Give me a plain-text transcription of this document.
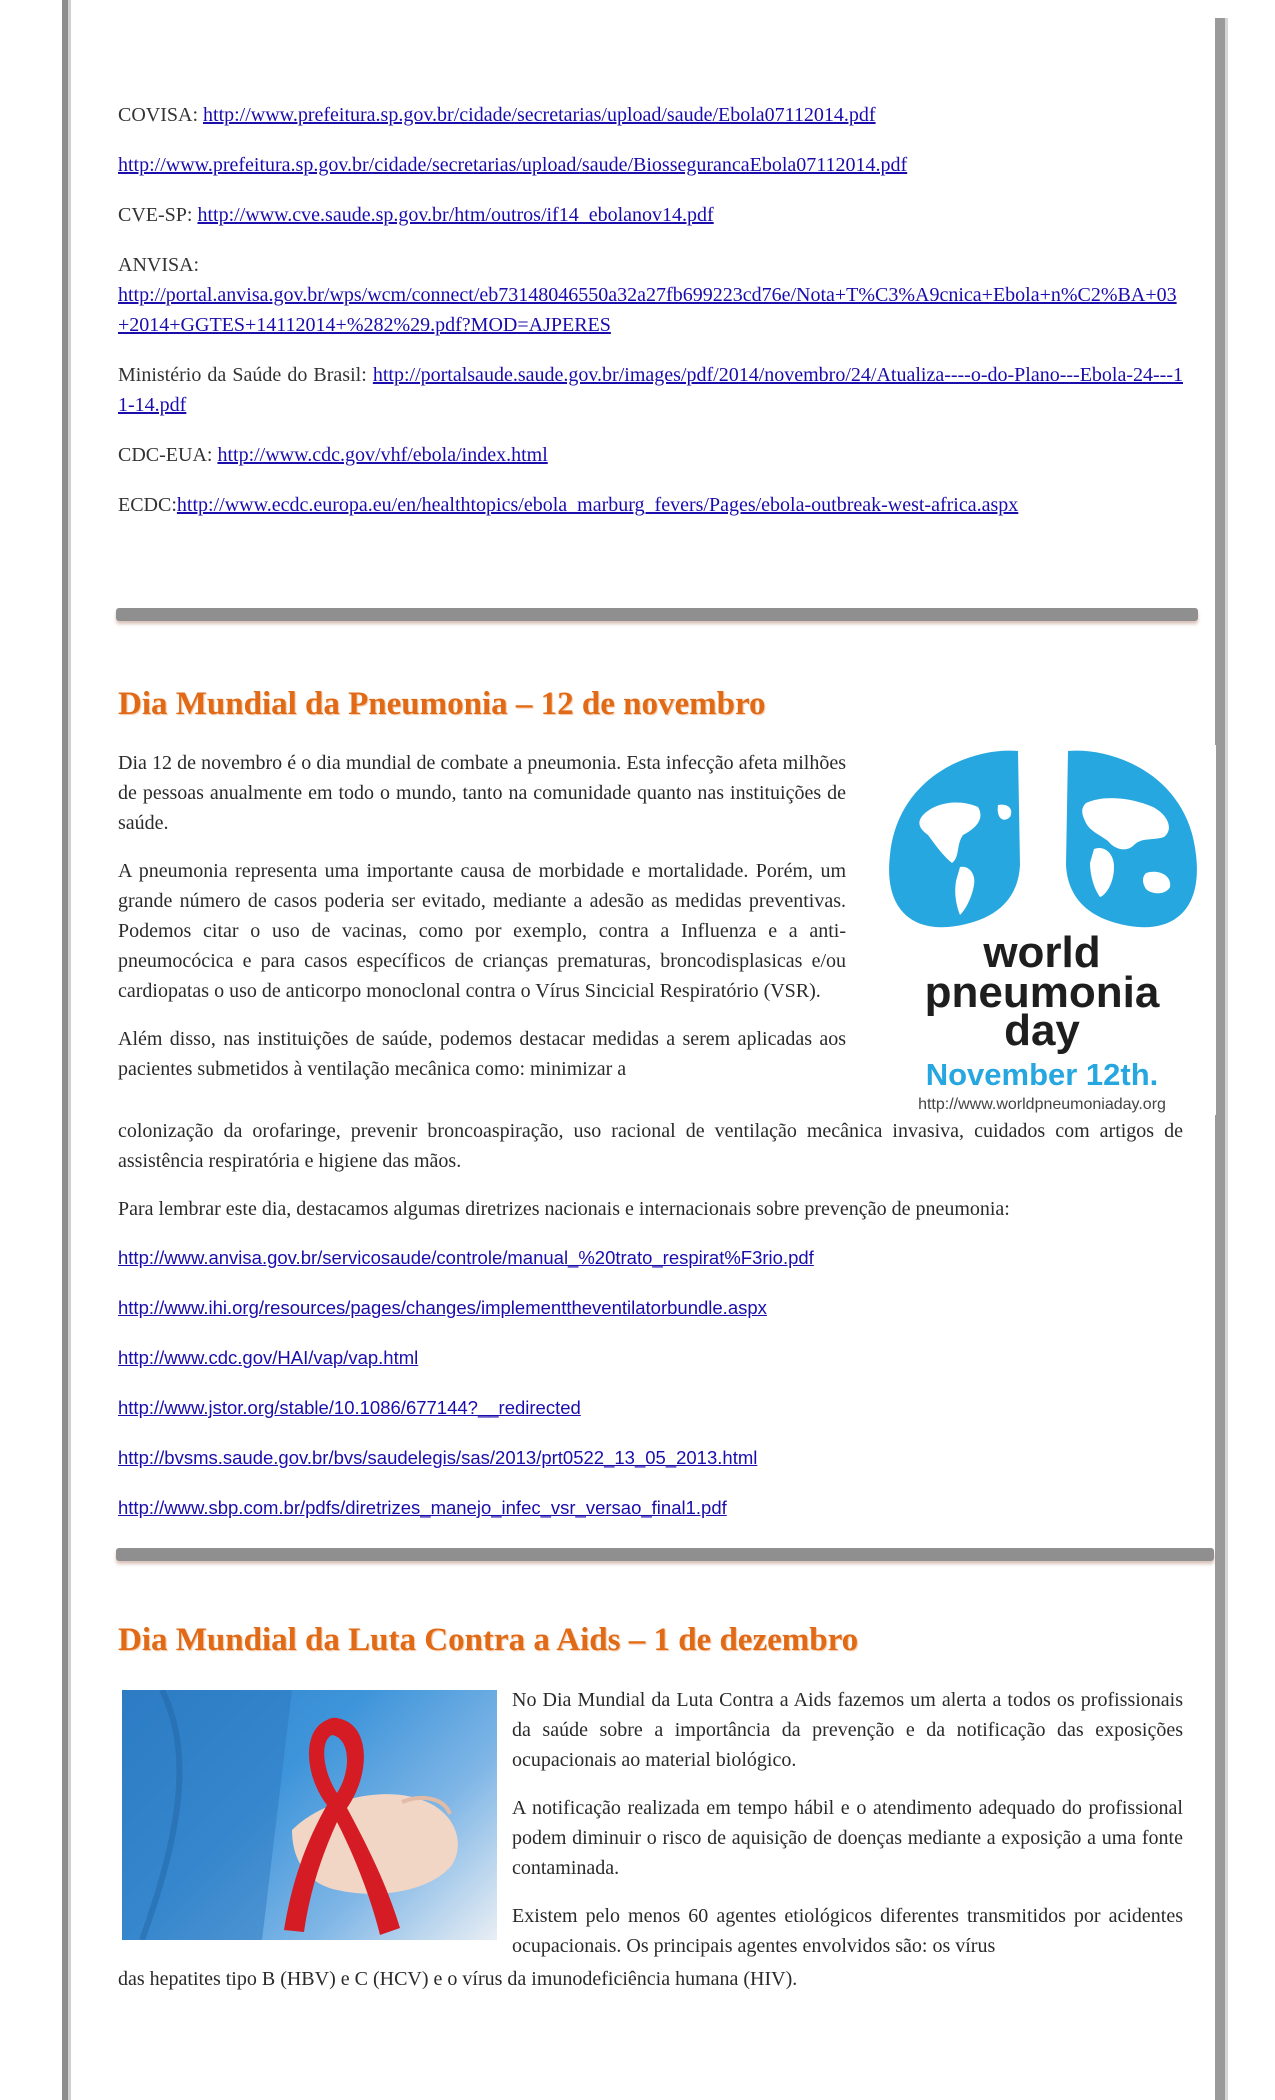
COVISA: http://www.prefeitura.sp.gov.br/cidade/secretarias/upload/saude/Ebola07112014.pdf

http://www.prefeitura.sp.gov.br/cidade/secretarias/upload/saude/BiossegurancaEbola07112014.pdf

CVE-SP: http://www.cve.saude.sp.gov.br/htm/outros/if14_ebolanov14.pdf

ANVISA:
http://portal.anvisa.gov.br/wps/wcm/connect/eb73148046550a32a27fb699223cd76e/Nota+T%C3%A9cnica+Ebola+n%C2%BA+03+2014+GGTES+14112014+%282%29.pdf?MOD=AJPERES

Ministério da Saúde do Brasil: http://portalsaude.saude.gov.br/images/pdf/2014/novembro/24/Atualiza----o-do-Plano---Ebola-24---11-14.pdf

CDC-EUA: http://www.cdc.gov/vhf/ebola/index.html

ECDC:http://www.ecdc.europa.eu/en/healthtopics/ebola_marburg_fevers/Pages/ebola-outbreak-west-africa.aspx

Dia Mundial da Pneumonia – 12 de novembro

Dia 12 de novembro é o dia mundial de combate a pneumonia. Esta infecção afeta milhões de pessoas anualmente em todo o mundo, tanto na comunidade quanto nas instituições de saúde.

A pneumonia representa uma importante causa de morbidade e mortalidade. Porém, um grande número de casos poderia ser evitado, mediante a adesão as medidas preventivas. Podemos citar o uso de vacinas, como por exemplo, contra a Influenza e a anti-pneumocócica e para casos específicos de crianças prematuras, broncodisplasicas e/ou cardiopatas o uso de anticorpo monoclonal contra o Vírus Sincicial Respiratório (VSR).

Além disso, nas instituições de saúde, podemos destacar medidas a serem aplicadas aos pacientes submetidos à ventilação mecânica como: minimizar a

colonização da orofaringe, prevenir broncoaspiração, uso racional de ventilação mecânica invasiva, cuidados com artigos de assistência respiratória e higiene das mãos.

Para lembrar este dia, destacamos algumas diretrizes nacionais e internacionais sobre prevenção de pneumonia:

http://www.anvisa.gov.br/servicosaude/controle/manual_%20trato_respirat%F3rio.pdf
http://www.ihi.org/resources/pages/changes/implementtheventilatorbundle.aspx
http://www.cdc.gov/HAI/vap/vap.html
http://www.jstor.org/stable/10.1086/677144?__redirected
http://bvsms.saude.gov.br/bvs/saudelegis/sas/2013/prt0522_13_05_2013.html
http://www.sbp.com.br/pdfs/diretrizes_manejo_infec_vsr_versao_final1.pdf
world
pneumonia
day
November 12th.
http://www.worldpneumoniaday.org
Dia Mundial da Luta Contra a Aids – 1 de dezembro

No Dia Mundial da Luta Contra a Aids fazemos um alerta a todos os profissionais da saúde sobre a importância da prevenção e da notificação das exposições ocupacionais ao material biológico.

A notificação realizada em tempo hábil e o atendimento adequado do profissional podem diminuir o risco de aquisição de doenças mediante a exposição a uma fonte contaminada.

Existem pelo menos 60 agentes etiológicos diferentes transmitidos por acidentes ocupacionais. Os principais agentes envolvidos são: os vírus

das hepatites tipo B (HBV) e C (HCV) e o vírus da imunodeficiência humana (HIV).
